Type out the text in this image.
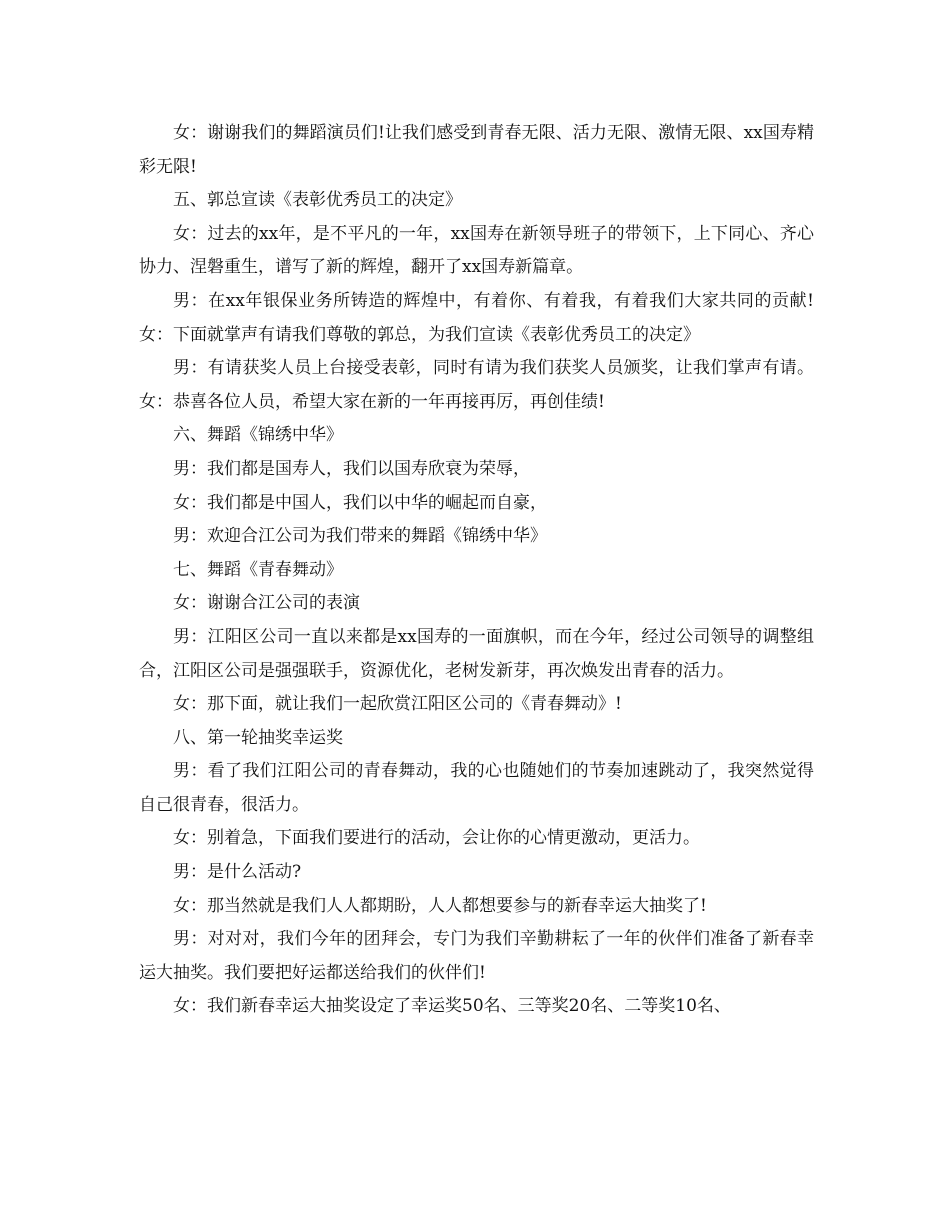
女：谢谢我们的舞蹈演员们!让我们感受到青春无限、活力无限、激情无限、xx国寿精彩无限!

五、郭总宣读《表彰优秀员工的决定》

女：过去的xx年，是不平凡的一年，xx国寿在新领导班子的带领下，上下同心、齐心协力、涅磐重生，谱写了新的辉煌，翻开了xx国寿新篇章。

男：在xx年银保业务所铸造的辉煌中，有着你、有着我，有着我们大家共同的贡献! 女：下面就掌声有请我们尊敬的郭总，为我们宣读《表彰优秀员工的决定》

男：有请获奖人员上台接受表彰，同时有请为我们获奖人员颁奖，让我们掌声有请。 女：恭喜各位人员，希望大家在新的一年再接再厉，再创佳绩!

六、舞蹈《锦绣中华》

男：我们都是国寿人，我们以国寿欣衰为荣辱，

女：我们都是中国人，我们以中华的崛起而自豪，

男：欢迎合江公司为我们带来的舞蹈《锦绣中华》

七、舞蹈《青春舞动》

女：谢谢合江公司的表演

男：江阳区公司一直以来都是xx国寿的一面旗帜，而在今年，经过公司领导的调整组合，江阳区公司是强强联手，资源优化，老树发新芽，再次焕发出青春的活力。

女：那下面，就让我们一起欣赏江阳区公司的《青春舞动》!

八、第一轮抽奖幸运奖

男：看了我们江阳公司的青春舞动，我的心也随她们的节奏加速跳动了，我突然觉得自己很青春，很活力。

女：别着急，下面我们要进行的活动，会让你的心情更激动，更活力。

男：是什么活动?

女：那当然就是我们人人都期盼，人人都想要参与的新春幸运大抽奖了!

男：对对对，我们今年的团拜会，专门为我们辛勤耕耘了一年的伙伴们准备了新春幸运大抽奖。我们要把好运都送给我们的伙伴们!

女：我们新春幸运大抽奖设定了幸运奖50名、三等奖20名、二等奖10名、
